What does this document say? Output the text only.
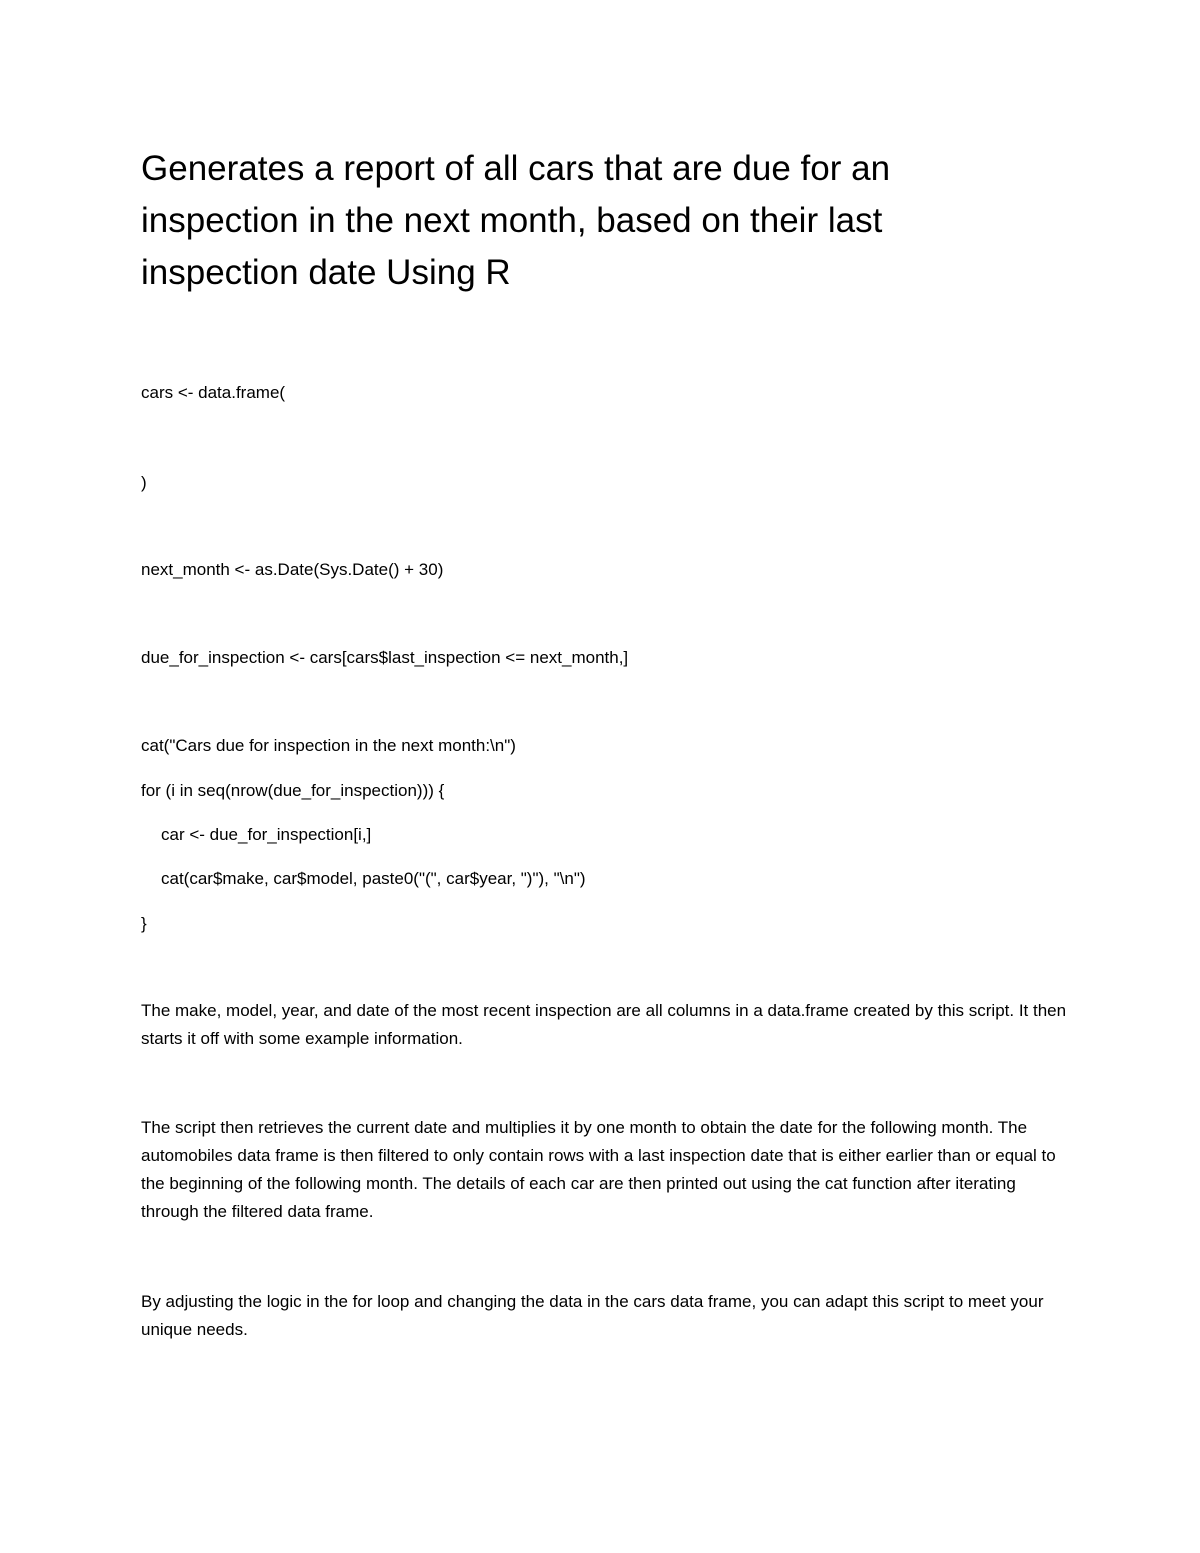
Generates a report of all cars that are due for an inspection in the next month, based on their last inspection date Using R
cars <- data.frame(
)
next_month <- as.Date(Sys.Date() + 30)
due_for_inspection <- cars[cars$last_inspection <= next_month,]
cat("Cars due for inspection in the next month:\n")
for (i in seq(nrow(due_for_inspection))) {
car <- due_for_inspection[i,]
cat(car$make, car$model, paste0("(", car$year, ")"), "\n")
}

The make, model, year, and date of the most recent inspection are all columns in a data.frame created by this script. It then starts it off with some example information.

The script then retrieves the current date and multiplies it by one month to obtain the date for the following month. The automobiles data frame is then filtered to only contain rows with a last inspection date that is either earlier than or equal to the beginning of the following month. The details of each car are then printed out using the cat function after iterating through the filtered data frame.

By adjusting the logic in the for loop and changing the data in the cars data frame, you can adapt this script to meet your unique needs.
